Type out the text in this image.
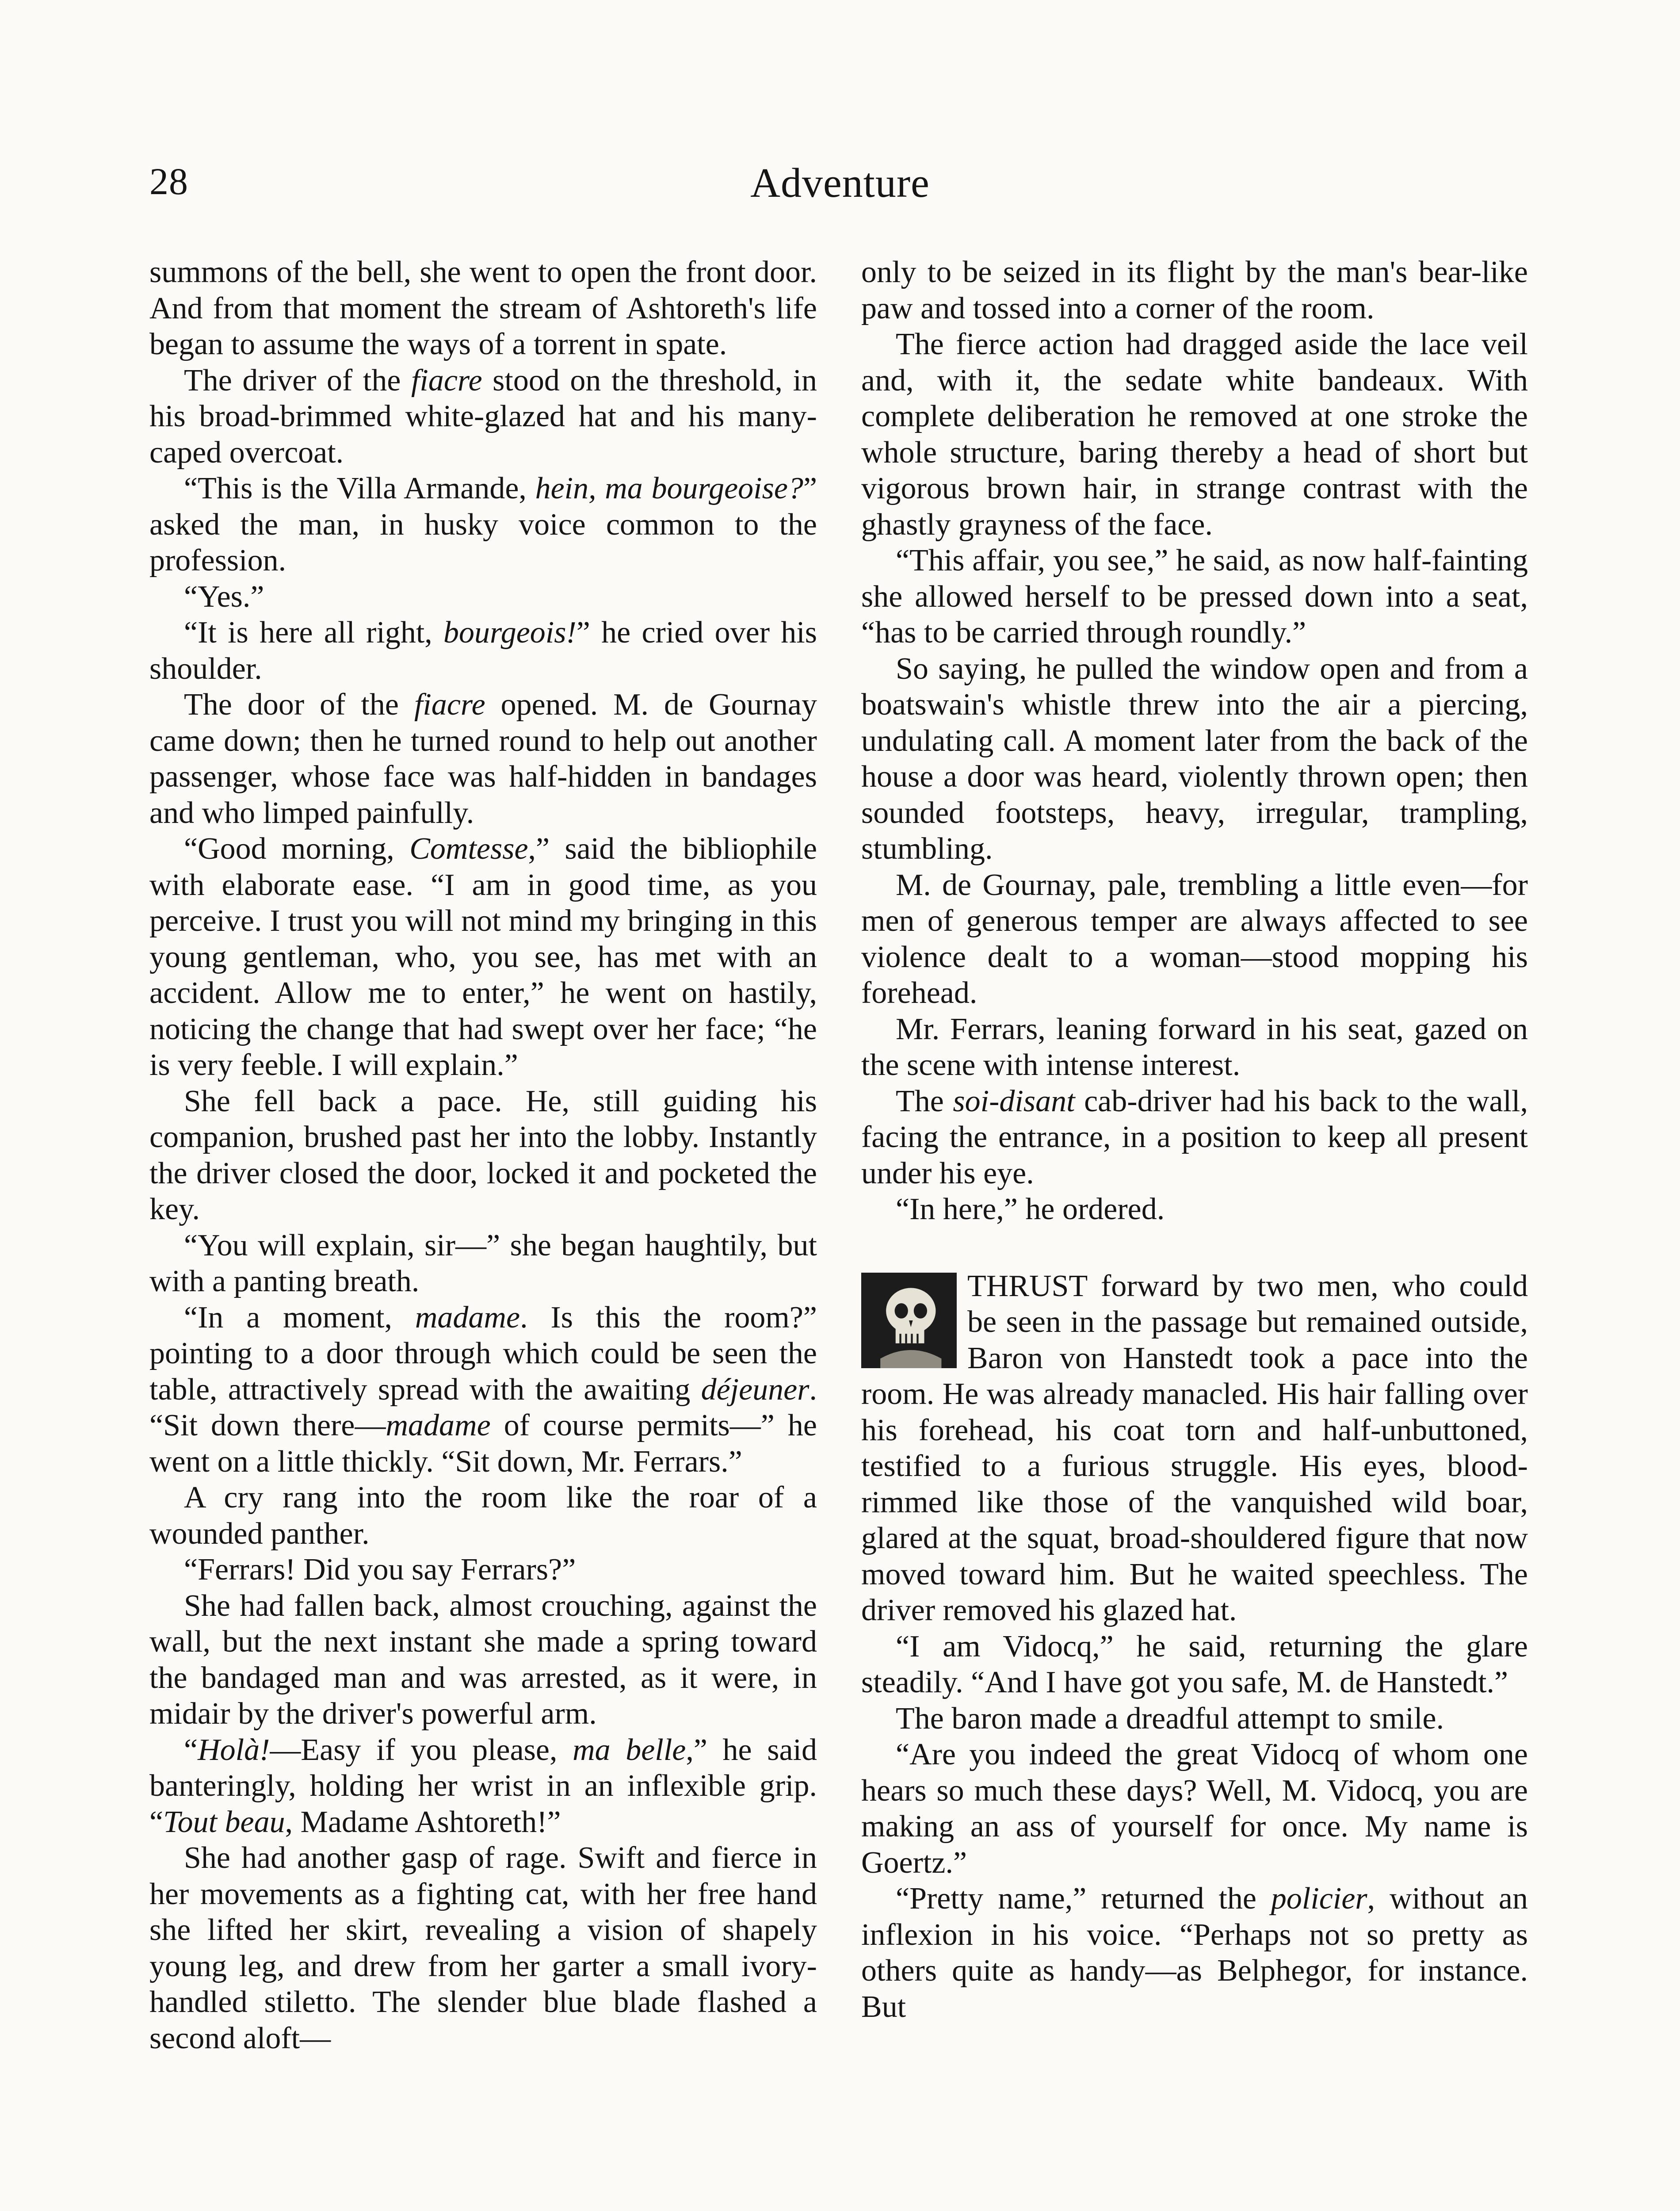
28	Adventure

summons of the bell, she went to open the front door. And from that moment the stream of Ashtoreth's life began to assume the ways of a torrent in spate.

The driver of the fiacre stood on the threshold, in his broad-brimmed white-glazed hat and his many-caped overcoat.

“This is the Villa Armande, hein, ma bourgeoise?” asked the man, in husky voice common to the profession.

“Yes.”

“It is here all right, bourgeois!” he cried over his shoulder.

The door of the fiacre opened. M. de Gournay came down; then he turned round to help out another passenger, whose face was half-hidden in bandages and who limped painfully.

“Good morning, Comtesse,” said the bibliophile with elaborate ease. “I am in good time, as you perceive. I trust you will not mind my bringing in this young gentleman, who, you see, has met with an accident. Allow me to enter,” he went on hastily, noticing the change that had swept over her face; “he is very feeble. I will explain.”

She fell back a pace. He, still guiding his companion, brushed past her into the lobby. Instantly the driver closed the door, locked it and pocketed the key.

“You will explain, sir—” she began haughtily, but with a panting breath.

“In a moment, madame. Is this the room?” pointing to a door through which could be seen the table, attractively spread with the awaiting déjeuner. “Sit down there—madame of course permits—” he went on a little thickly. “Sit down, Mr. Ferrars.”

A cry rang into the room like the roar of a wounded panther.

“Ferrars! Did you say Ferrars?”

She had fallen back, almost crouching, against the wall, but the next instant she made a spring toward the bandaged man and was arrested, as it were, in midair by the driver's powerful arm.

“Holà!—Easy if you please, ma belle,” he said banteringly, holding her wrist in an inflexible grip. “Tout beau, Madame Ashtoreth!”

She had another gasp of rage. Swift and fierce in her movements as a fighting cat, with her free hand she lifted her skirt, revealing a vision of shapely young leg, and drew from her garter a small ivory-handled stiletto. The slender blue blade flashed a second aloft—

only to be seized in its flight by the man's bear-like paw and tossed into a corner of the room.

The fierce action had dragged aside the lace veil and, with it, the sedate white bandeaux. With complete deliberation he removed at one stroke the whole structure, baring thereby a head of short but vigorous brown hair, in strange contrast with the ghastly grayness of the face.

“This affair, you see,” he said, as now half-fainting she allowed herself to be pressed down into a seat, “has to be carried through roundly.”

So saying, he pulled the window open and from a boatswain's whistle threw into the air a piercing, undulating call. A moment later from the back of the house a door was heard, violently thrown open; then sounded footsteps, heavy, irregular, trampling, stumbling.

M. de Gournay, pale, trembling a little even—for men of generous temper are always affected to see violence dealt to a woman—stood mopping his forehead.

Mr. Ferrars, leaning forward in his seat, gazed on the scene with intense interest.

The soi-disant cab-driver had his back to the wall, facing the entrance, in a position to keep all present under his eye.

“In here,” he ordered.

THRUST forward by two men, who could be seen in the passage but remained outside, Baron von Hanstedt took a pace into the room. He was already manacled. His hair falling over his forehead, his coat torn and half-unbuttoned, testified to a furious struggle. His eyes, blood-rimmed like those of the vanquished wild boar, glared at the squat, broad-shouldered figure that now moved toward him. But he waited speechless. The driver removed his glazed hat.

“I am Vidocq,” he said, returning the glare steadily. “And I have got you safe, M. de Hanstedt.”

The baron made a dreadful attempt to smile.

“Are you indeed the great Vidocq of whom one hears so much these days? Well, M. Vidocq, you are making an ass of yourself for once. My name is Goertz.”

“Pretty name,” returned the policier, without an inflexion in his voice. “Perhaps not so pretty as others quite as handy—as Belphegor, for instance. But
